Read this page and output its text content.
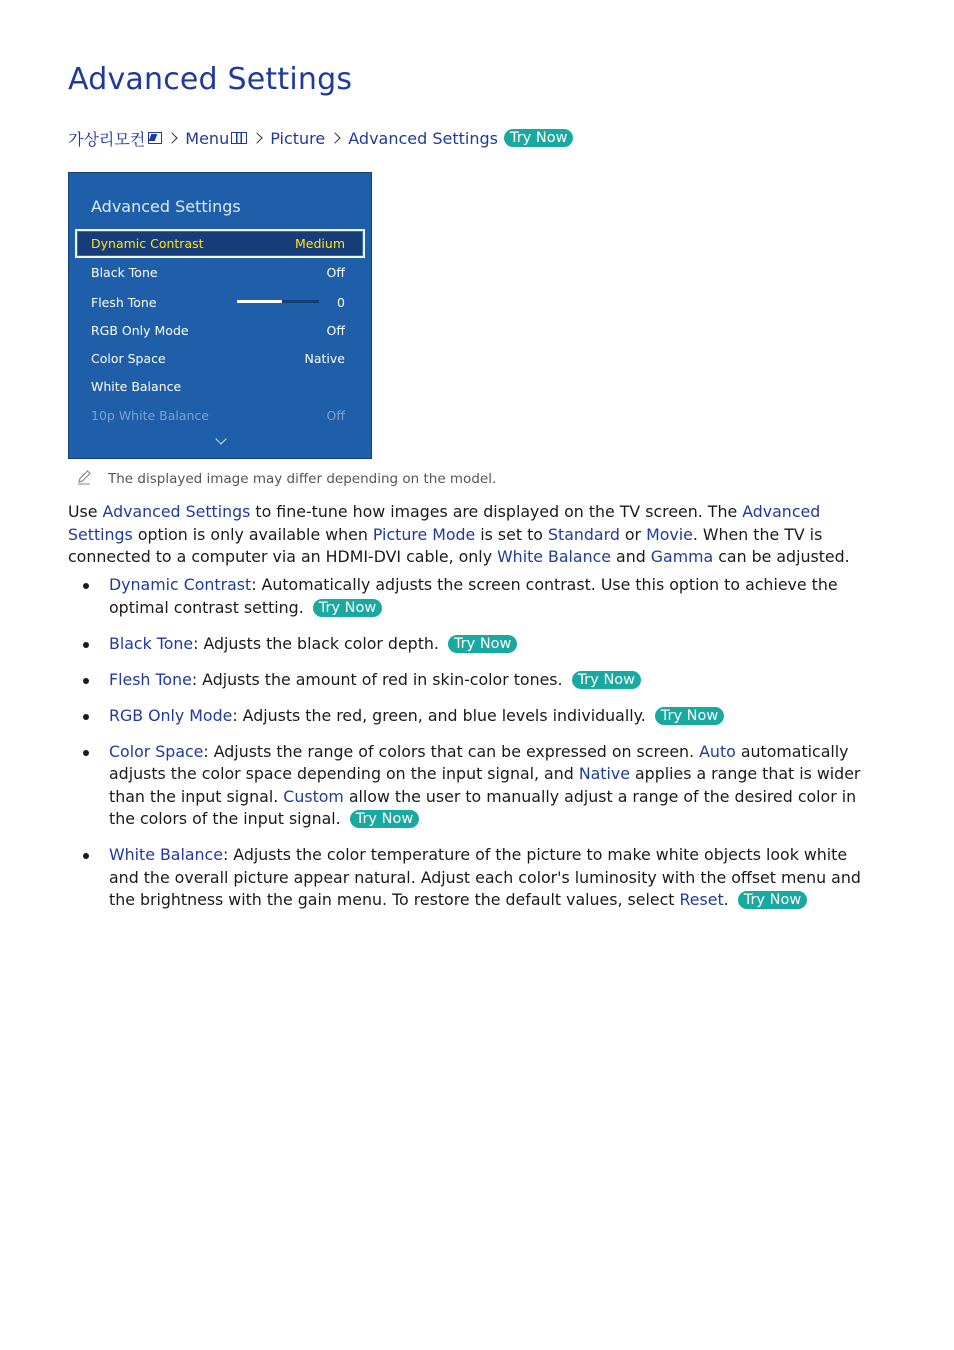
Advanced Settings
가상리모컨	Menu	Picture Advanced Settings Try Now
Advanced Settings
Dynamic Contrast	Medium
Black Tone	Off
Flesh Tone	0
RGB Only Mode	Off
Color Space	Native
White Balance
10p White Balance	Off
The displayed image may differ depending on the model.

Use Advanced Settings to fine-tune how images are displayed on the TV screen. The Advanced Settings option is only available when Picture Mode is set to Standard or Movie. When the TV is connected to a computer via an HDMI-DVI cable, only White Balance and Gamma can be adjusted.

Dynamic Contrast: Automatically adjusts the screen contrast. Use this option to achieve the optimal contrast setting. Try Now
Black Tone: Adjusts the black color depth. Try Now
Flesh Tone: Adjusts the amount of red in skin-color tones. Try Now
RGB Only Mode: Adjusts the red, green, and blue levels individually. Try Now
Color Space: Adjusts the range of colors that can be expressed on screen. Auto automatically adjusts the color space depending on the input signal, and Native applies a range that is wider than the input signal. Custom allow the user to manually adjust a range of the desired color in the colors of the input signal. Try Now
White Balance: Adjusts the color temperature of the picture to make white objects look white and the overall picture appear natural. Adjust each color's luminosity with the offset menu and the brightness with the gain menu. To restore the default values, select Reset. Try Now
